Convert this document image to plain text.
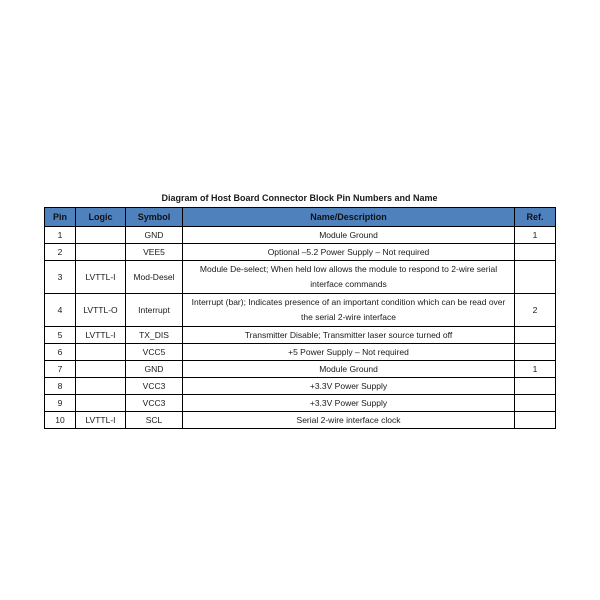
Diagram of Host Board Connector Block Pin Numbers and Name
Pin	Logic	Symbol	Name/Description	Ref.
1		GND	Module Ground	1
2		VEE5	Optional –5.2 Power Supply – Not required	
3	LVTTL-I	Mod-Desel	Module De-select; When held low allows the module to respond to 2-wire serial interface commands	
4	LVTTL-O	Interrupt	Interrupt (bar); Indicates presence of an important condition which can be read over the serial 2-wire interface	2
5	LVTTL-I	TX_DIS	Transmitter Disable; Transmitter laser source turned off	
6		VCC5	+5 Power Supply – Not required	
7		GND	Module Ground	1
8		VCC3	+3.3V Power Supply	
9		VCC3	+3.3V Power Supply	
10	LVTTL-I	SCL	Serial 2-wire interface clock	
